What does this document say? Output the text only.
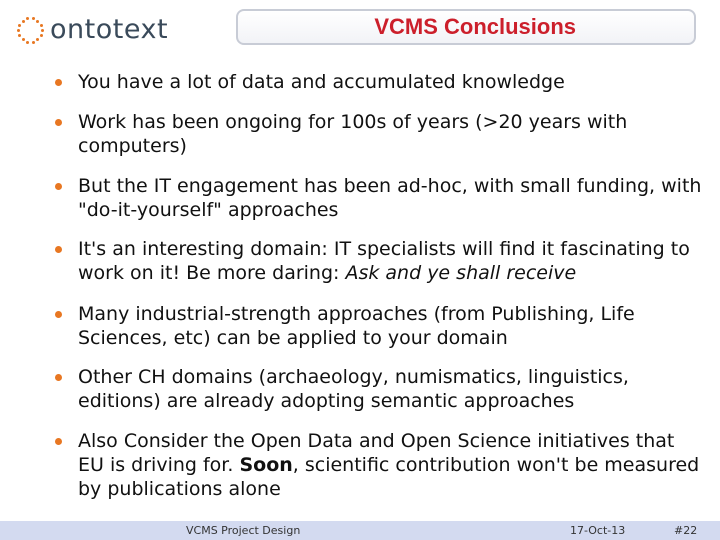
ontotext	VCMS Conclusions
You have a lot of data and accumulated knowledge
Work has been ongoing for 100s of years (>20 years with computers)
But the IT engagement has been ad-hoc, with small funding, with "do-it-yourself" approaches
It's an interesting domain: IT specialists will find it fascinating to work on it! Be more daring: Ask and ye shall receive
Many industrial-strength approaches (from Publishing, Life Sciences, etc) can be applied to your domain
Other CH domains (archaeology, numismatics, linguistics, editions) are already adopting semantic approaches
Also Consider the Open Data and Open Science initiatives that EU is driving for. Soon, scientific contribution won't be measured by publications alone
VCMS Project Design	17-Oct-13	#22
